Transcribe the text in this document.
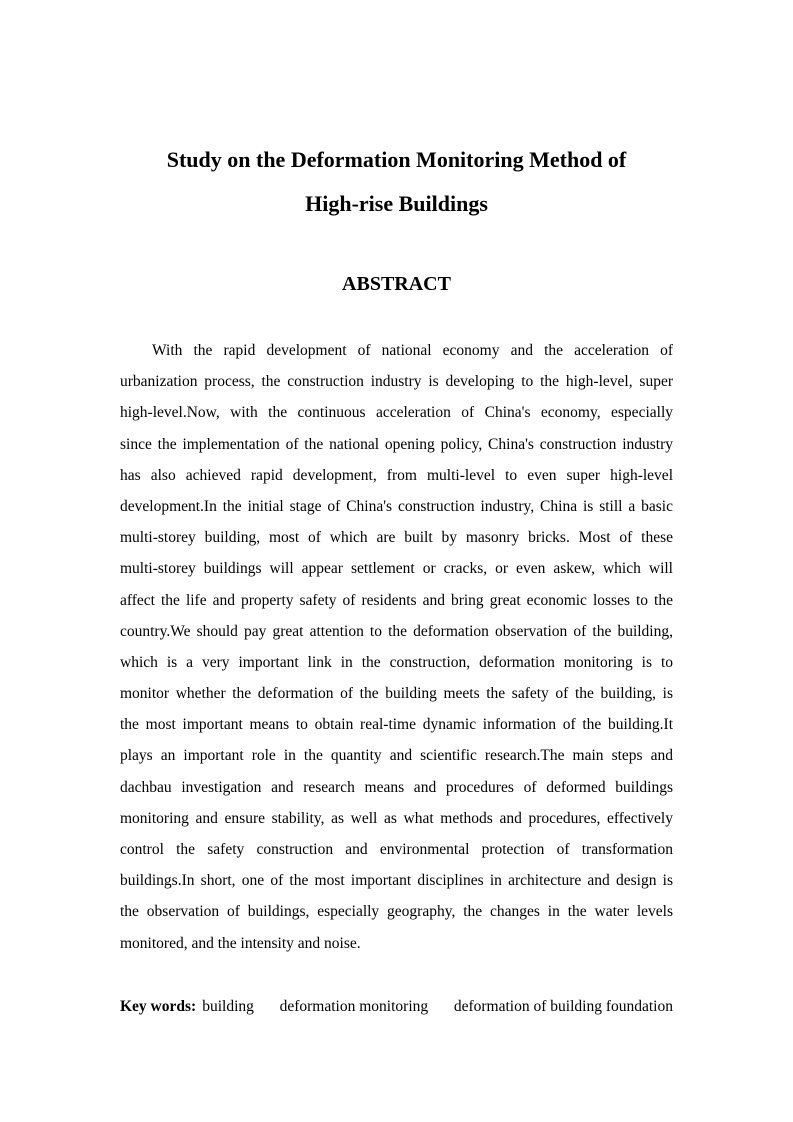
Study on the Deformation Monitoring Method of
High-rise Buildings
ABSTRACT
With the rapid development of national economy and the acceleration of
urbanization process, the construction industry is developing to the high-level, super
high-level.Now, with the continuous acceleration of China's economy, especially
since the implementation of the national opening policy, China's construction industry
has also achieved rapid development, from multi-level to even super high-level
development.In the initial stage of China's construction industry, China is still a basic
multi-storey building, most of which are built by masonry bricks. Most of these
multi-storey buildings will appear settlement or cracks, or even askew, which will
affect the life and property safety of residents and bring great economic losses to the
country.We should pay great attention to the deformation observation of the building,
which is a very important link in the construction, deformation monitoring is to
monitor whether the deformation of the building meets the safety of the building, is
the most important means to obtain real-time dynamic information of the building.It
plays an important role in the quantity and scientific research.The main steps and
dachbau investigation and research means and procedures of deformed buildings
monitoring and ensure stability, as well as what methods and procedures, effectively
control the safety construction and environmental protection of transformation
buildings.In short, one of the most important disciplines in architecture and design is
the observation of buildings, especially geography, the changes in the water levels
monitored, and the intensity and noise.
Key words: building deformation monitoring deformation of building foundation
